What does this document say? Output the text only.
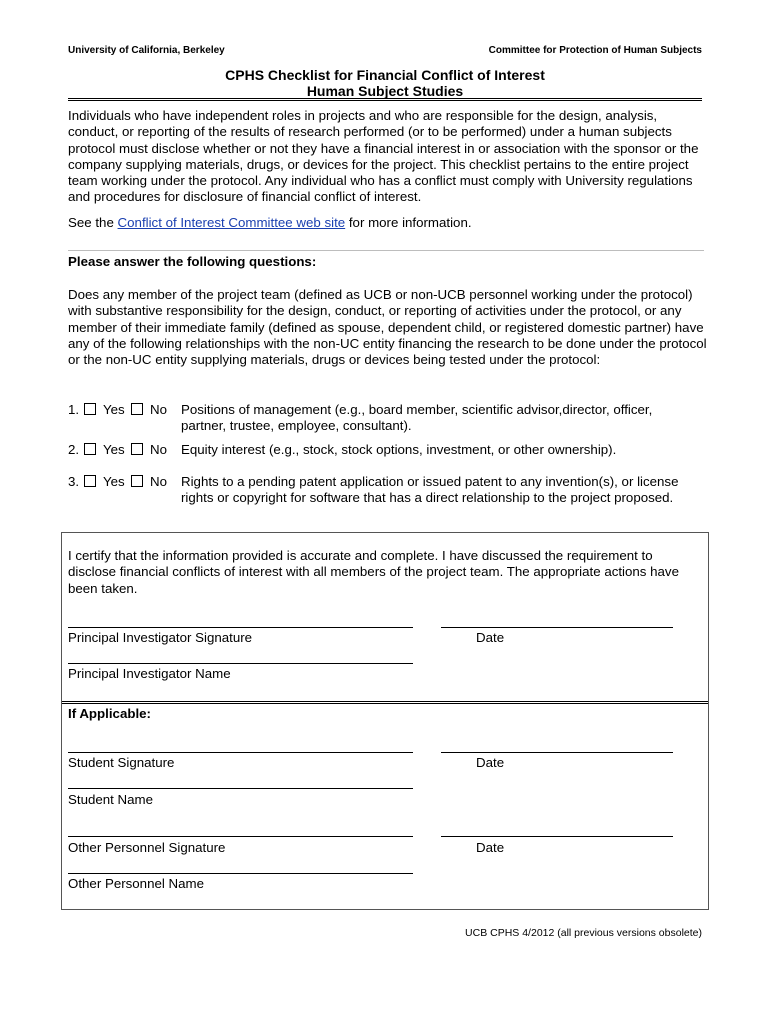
University of California, Berkeley	Committee for Protection of Human Subjects
CPHS Checklist for Financial Conflict of Interest
Human Subject Studies
Individuals who have independent roles in projects and who are responsible for the design, analysis, conduct, or reporting of the results of research performed (or to be performed) under a human subjects protocol must disclose whether or not they have a financial interest in or association with the sponsor or the company supplying materials, drugs, or devices for the project. This checklist pertains to the entire project team working under the protocol. Any individual who has a conflict must comply with University regulations and procedures for disclosure of financial conflict of interest.
See the Conflict of Interest Committee web site for more information.
Please answer the following questions:
Does any member of the project team (defined as UCB or non-UCB personnel working under the protocol) with substantive responsibility for the design, conduct, or reporting of activities under the protocol, or any member of their immediate family (defined as spouse, dependent child, or registered domestic partner) have any of the following relationships with the non-UC entity financing the research to be done under the protocol or the non-UC entity supplying materials, drugs or devices being tested under the protocol:
1. Yes No Positions of management (e.g., board member, scientific advisor,director, officer, partner, trustee, employee, consultant).
2. Yes No Equity interest (e.g., stock, stock options, investment, or other ownership).
3. Yes No Rights to a pending patent application or issued patent to any invention(s), or license rights or copyright for software that has a direct relationship to the project proposed.
I certify that the information provided is accurate and complete. I have discussed the requirement to disclose financial conflicts of interest with all members of the project team. The appropriate actions have been taken.
Principal Investigator Signature	Date
Principal Investigator Name
If Applicable:
Student Signature	Date
Student Name
Other Personnel Signature	Date
Other Personnel Name
UCB CPHS 4/2012 (all previous versions obsolete)
